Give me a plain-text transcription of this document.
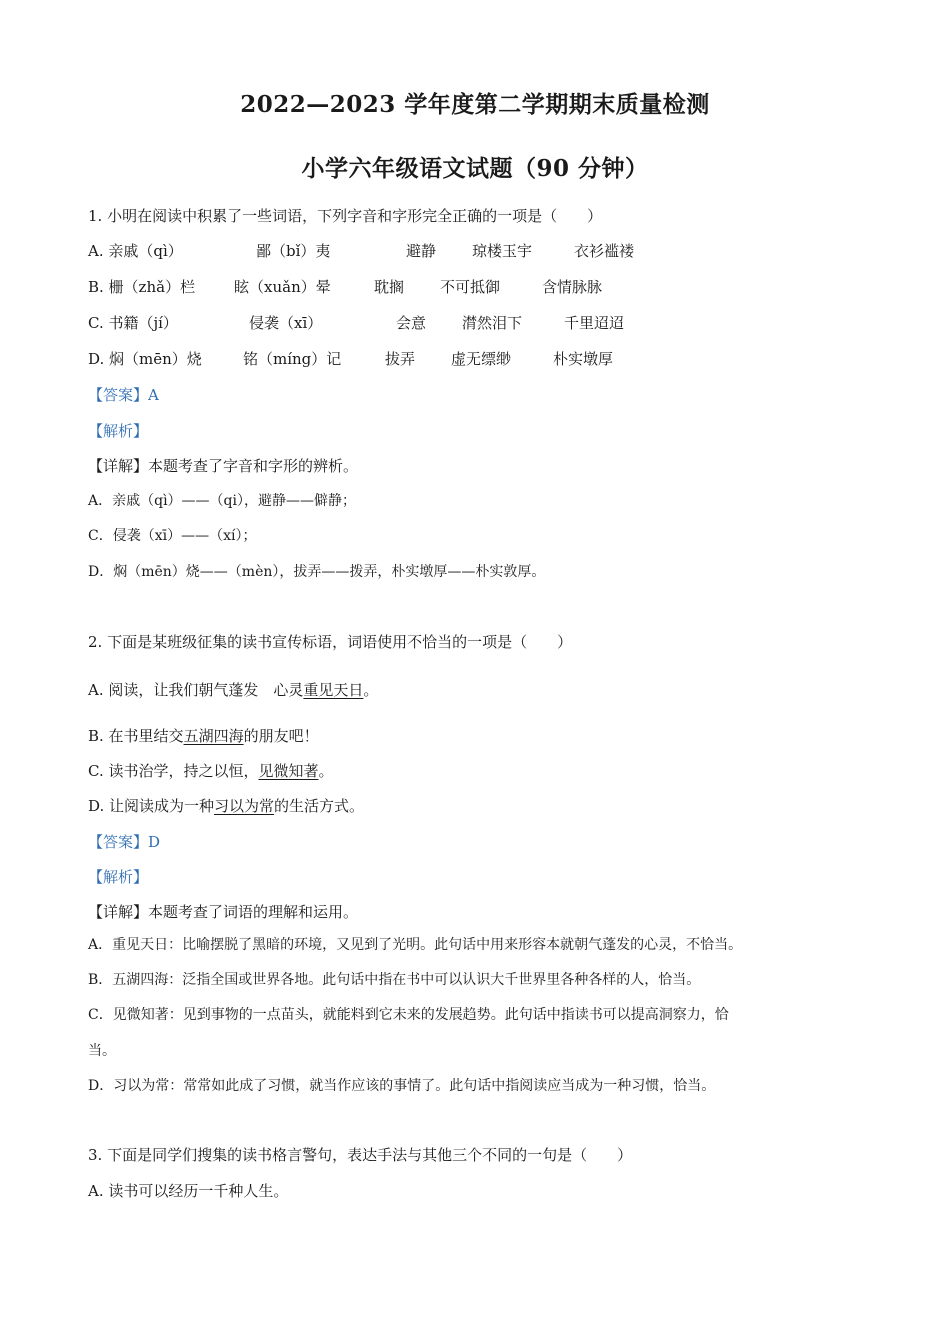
2022—2023 学年度第二学期期末质量检测
小学六年级语文试题（90 分钟）
1. 小明在阅读中积累了一些词语，下列字音和字形完全正确的一项是（　　）
A. 亲戚（qì）	鄙（bǐ）夷	避静 琼楼玉宇	衣衫褴褛
B. 栅（zhǎ）栏	眩（xuǎn）晕	耽搁 不可抵御	含情脉脉
C. 书籍（jí）	侵袭（xī）	会意 潸然泪下	千里迢迢
D. 焖（mēn）烧	铭（míng）记	拔弄 虚无缥缈	朴实墩厚
【答案】A
【解析】
【详解】本题考查了字音和字形的辨析。
A．亲戚（qì）——（qi），避静——僻静；
C．侵袭（xī）——（xí）；
D．焖（mēn）烧——（mèn），拔弄——拨弄，朴实墩厚——朴实敦厚。
2. 下面是某班级征集的读书宣传标语，词语使用不恰当的一项是（　　）
A. 阅读，让我们朝气蓬发　心灵重见天日。
B. 在书里结交五湖四海的朋友吧！
C. 读书治学，持之以恒，见微知著。
D. 让阅读成为一种习以为常的生活方式。
【答案】D
【解析】
【详解】本题考查了词语的理解和运用。
A．重见天日：比喻摆脱了黑暗的环境，又见到了光明。此句话中用来形容本就朝气蓬发的心灵，不恰当。
B．五湖四海：泛指全国或世界各地。此句话中指在书中可以认识大千世界里各种各样的人，恰当。
C．见微知著：见到事物的一点苗头，就能料到它未来的发展趋势。此句话中指读书可以提高洞察力，恰
当。
D．习以为常：常常如此成了习惯，就当作应该的事情了。此句话中指阅读应当成为一种习惯，恰当。
3. 下面是同学们搜集的读书格言警句，表达手法与其他三个不同的一句是（　　）
A. 读书可以经历一千种人生。
